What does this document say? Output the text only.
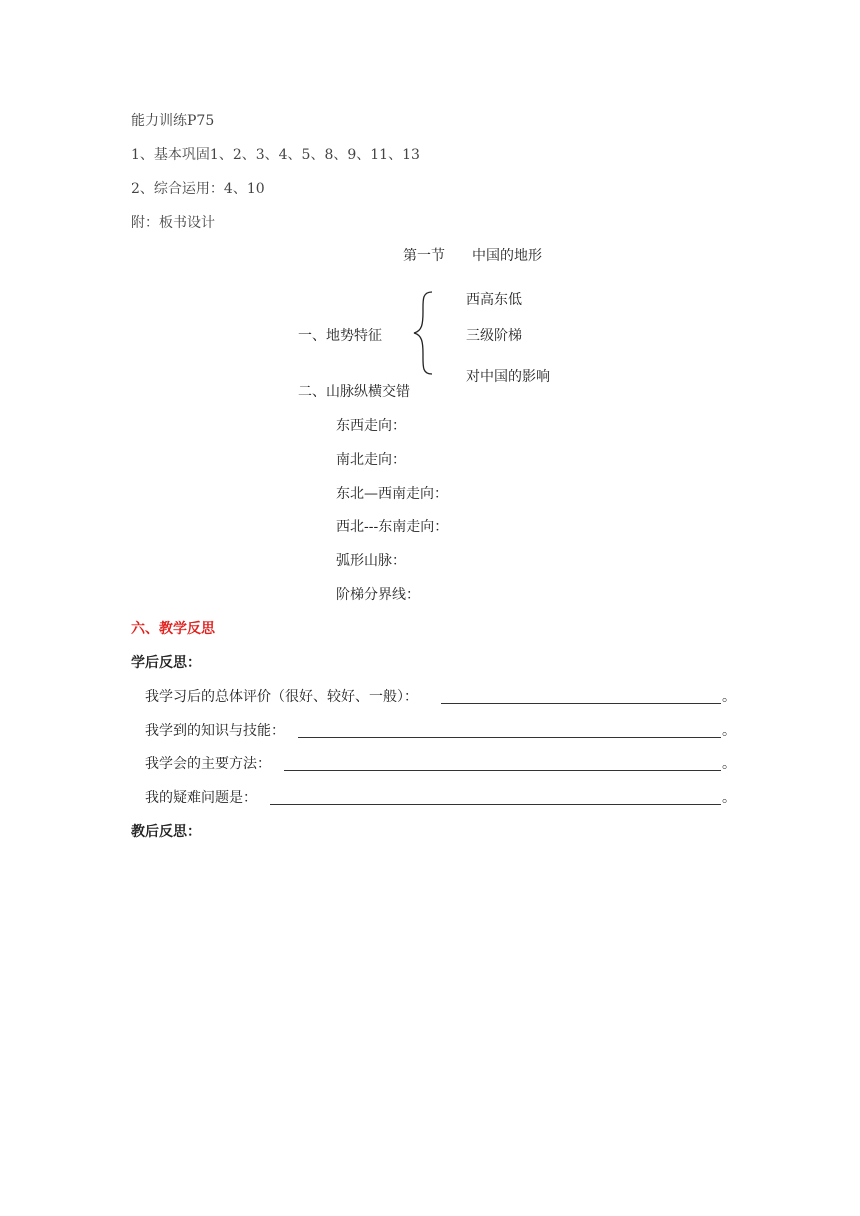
能力训练P75
1、基本巩固1、2、3、4、5、8、9、11、13
2、综合运用：4、10
附：板书设计
第一节 中国的地形
一、地势特征
西高东低
三级阶梯
对中国的影响
二、山脉纵横交错
东西走向：
南北走向：
东北—西南走向：
西北---东南走向：
弧形山脉：
阶梯分界线：
六、教学反思
学后反思：
我学习后的总体评价（很好、较好、一般）：	。
我学到的知识与技能：	。
我学会的主要方法：	。
我的疑难问题是：	。
教后反思：
